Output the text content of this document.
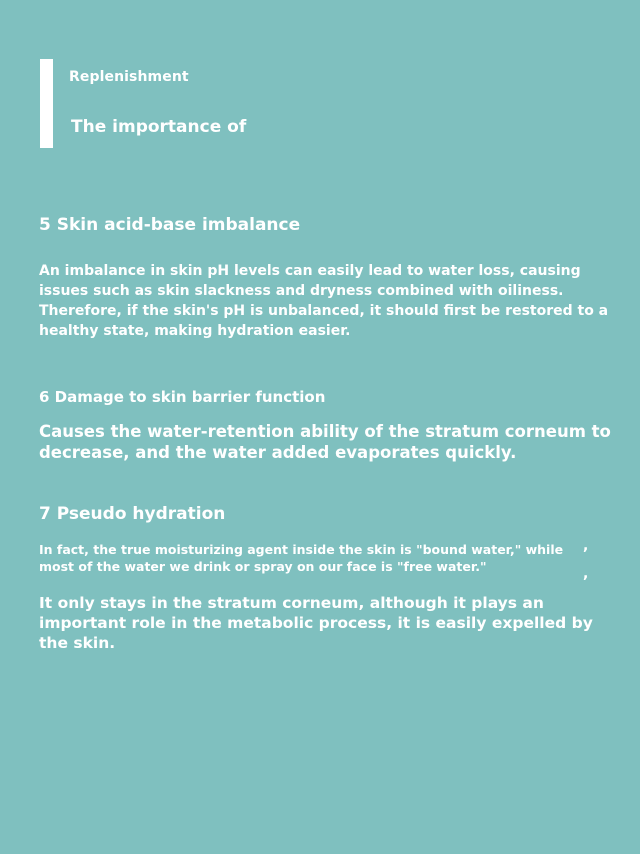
Replenishment
The importance of
5 Skin acid-base imbalance
An imbalance in skin pH levels can easily lead to water loss, causing issues such as skin slackness and dryness combined with oiliness. Therefore, if the skin's pH is unbalanced, it should first be restored to a healthy state, making hydration easier.
6 Damage to skin barrier function
Causes the water-retention ability of the stratum corneum to decrease, and the water added evaporates quickly.
7 Pseudo hydration
In fact, the true moisturizing agent inside the skin is "bound water," while most of the water we drink or spray on our face is "free water."
,
,
It only stays in the stratum corneum, although it plays an important role in the metabolic process, it is easily expelled by the skin.
